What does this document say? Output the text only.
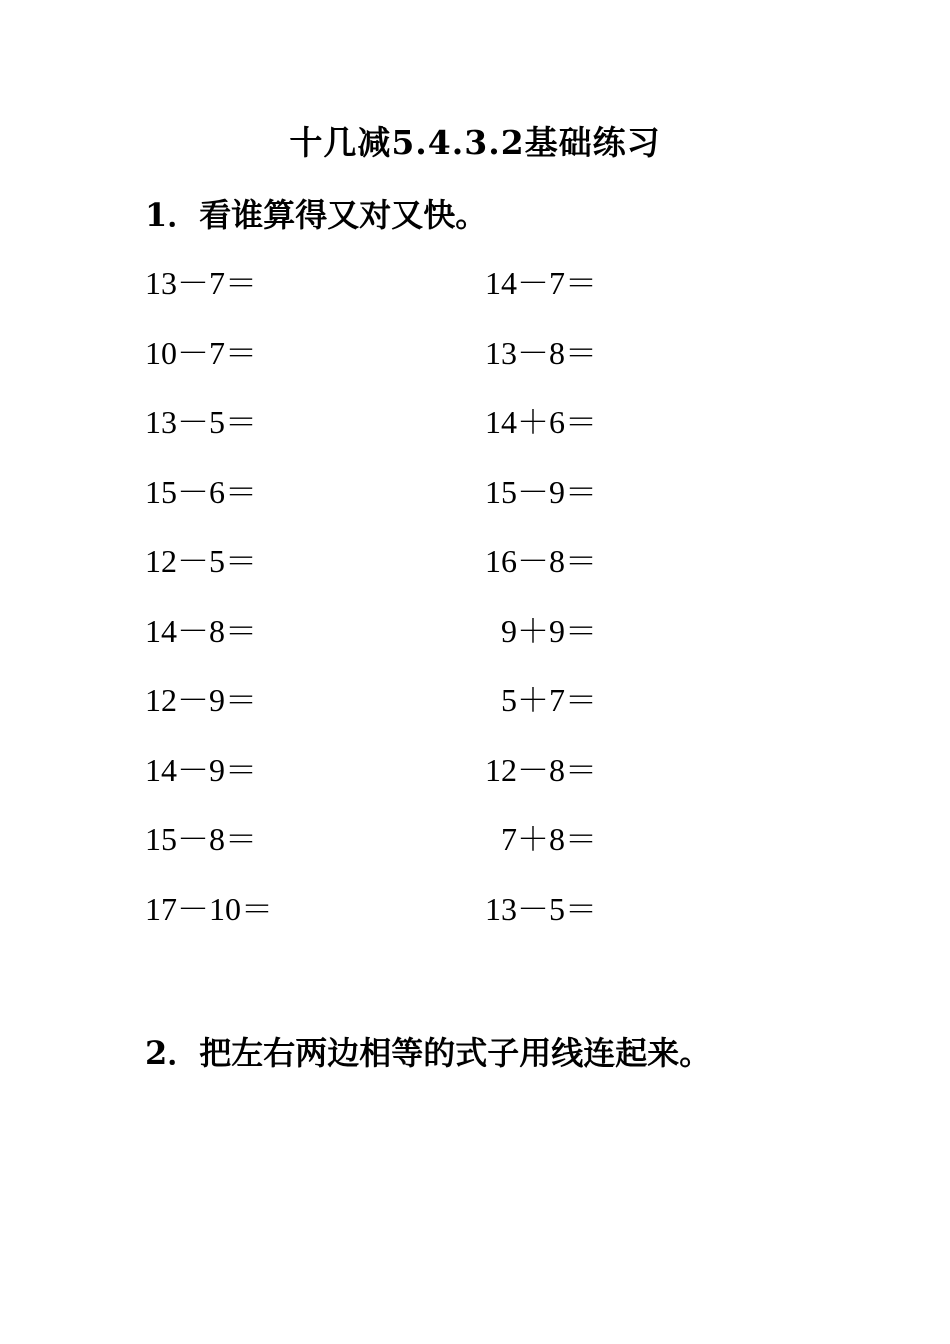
十几减5.4.3.2基础练习
1．看谁算得又对又快。
13－7＝	14－7＝
10－7＝	13－8＝
13－5＝	14＋6＝
15－6＝	15－9＝
12－5＝	16－8＝
14－8＝	9＋9＝
12－9＝	5＋7＝
14－9＝	12－8＝
15－8＝	7＋8＝
17－10＝	13－5＝
2．把左右两边相等的式子用线连起来。
